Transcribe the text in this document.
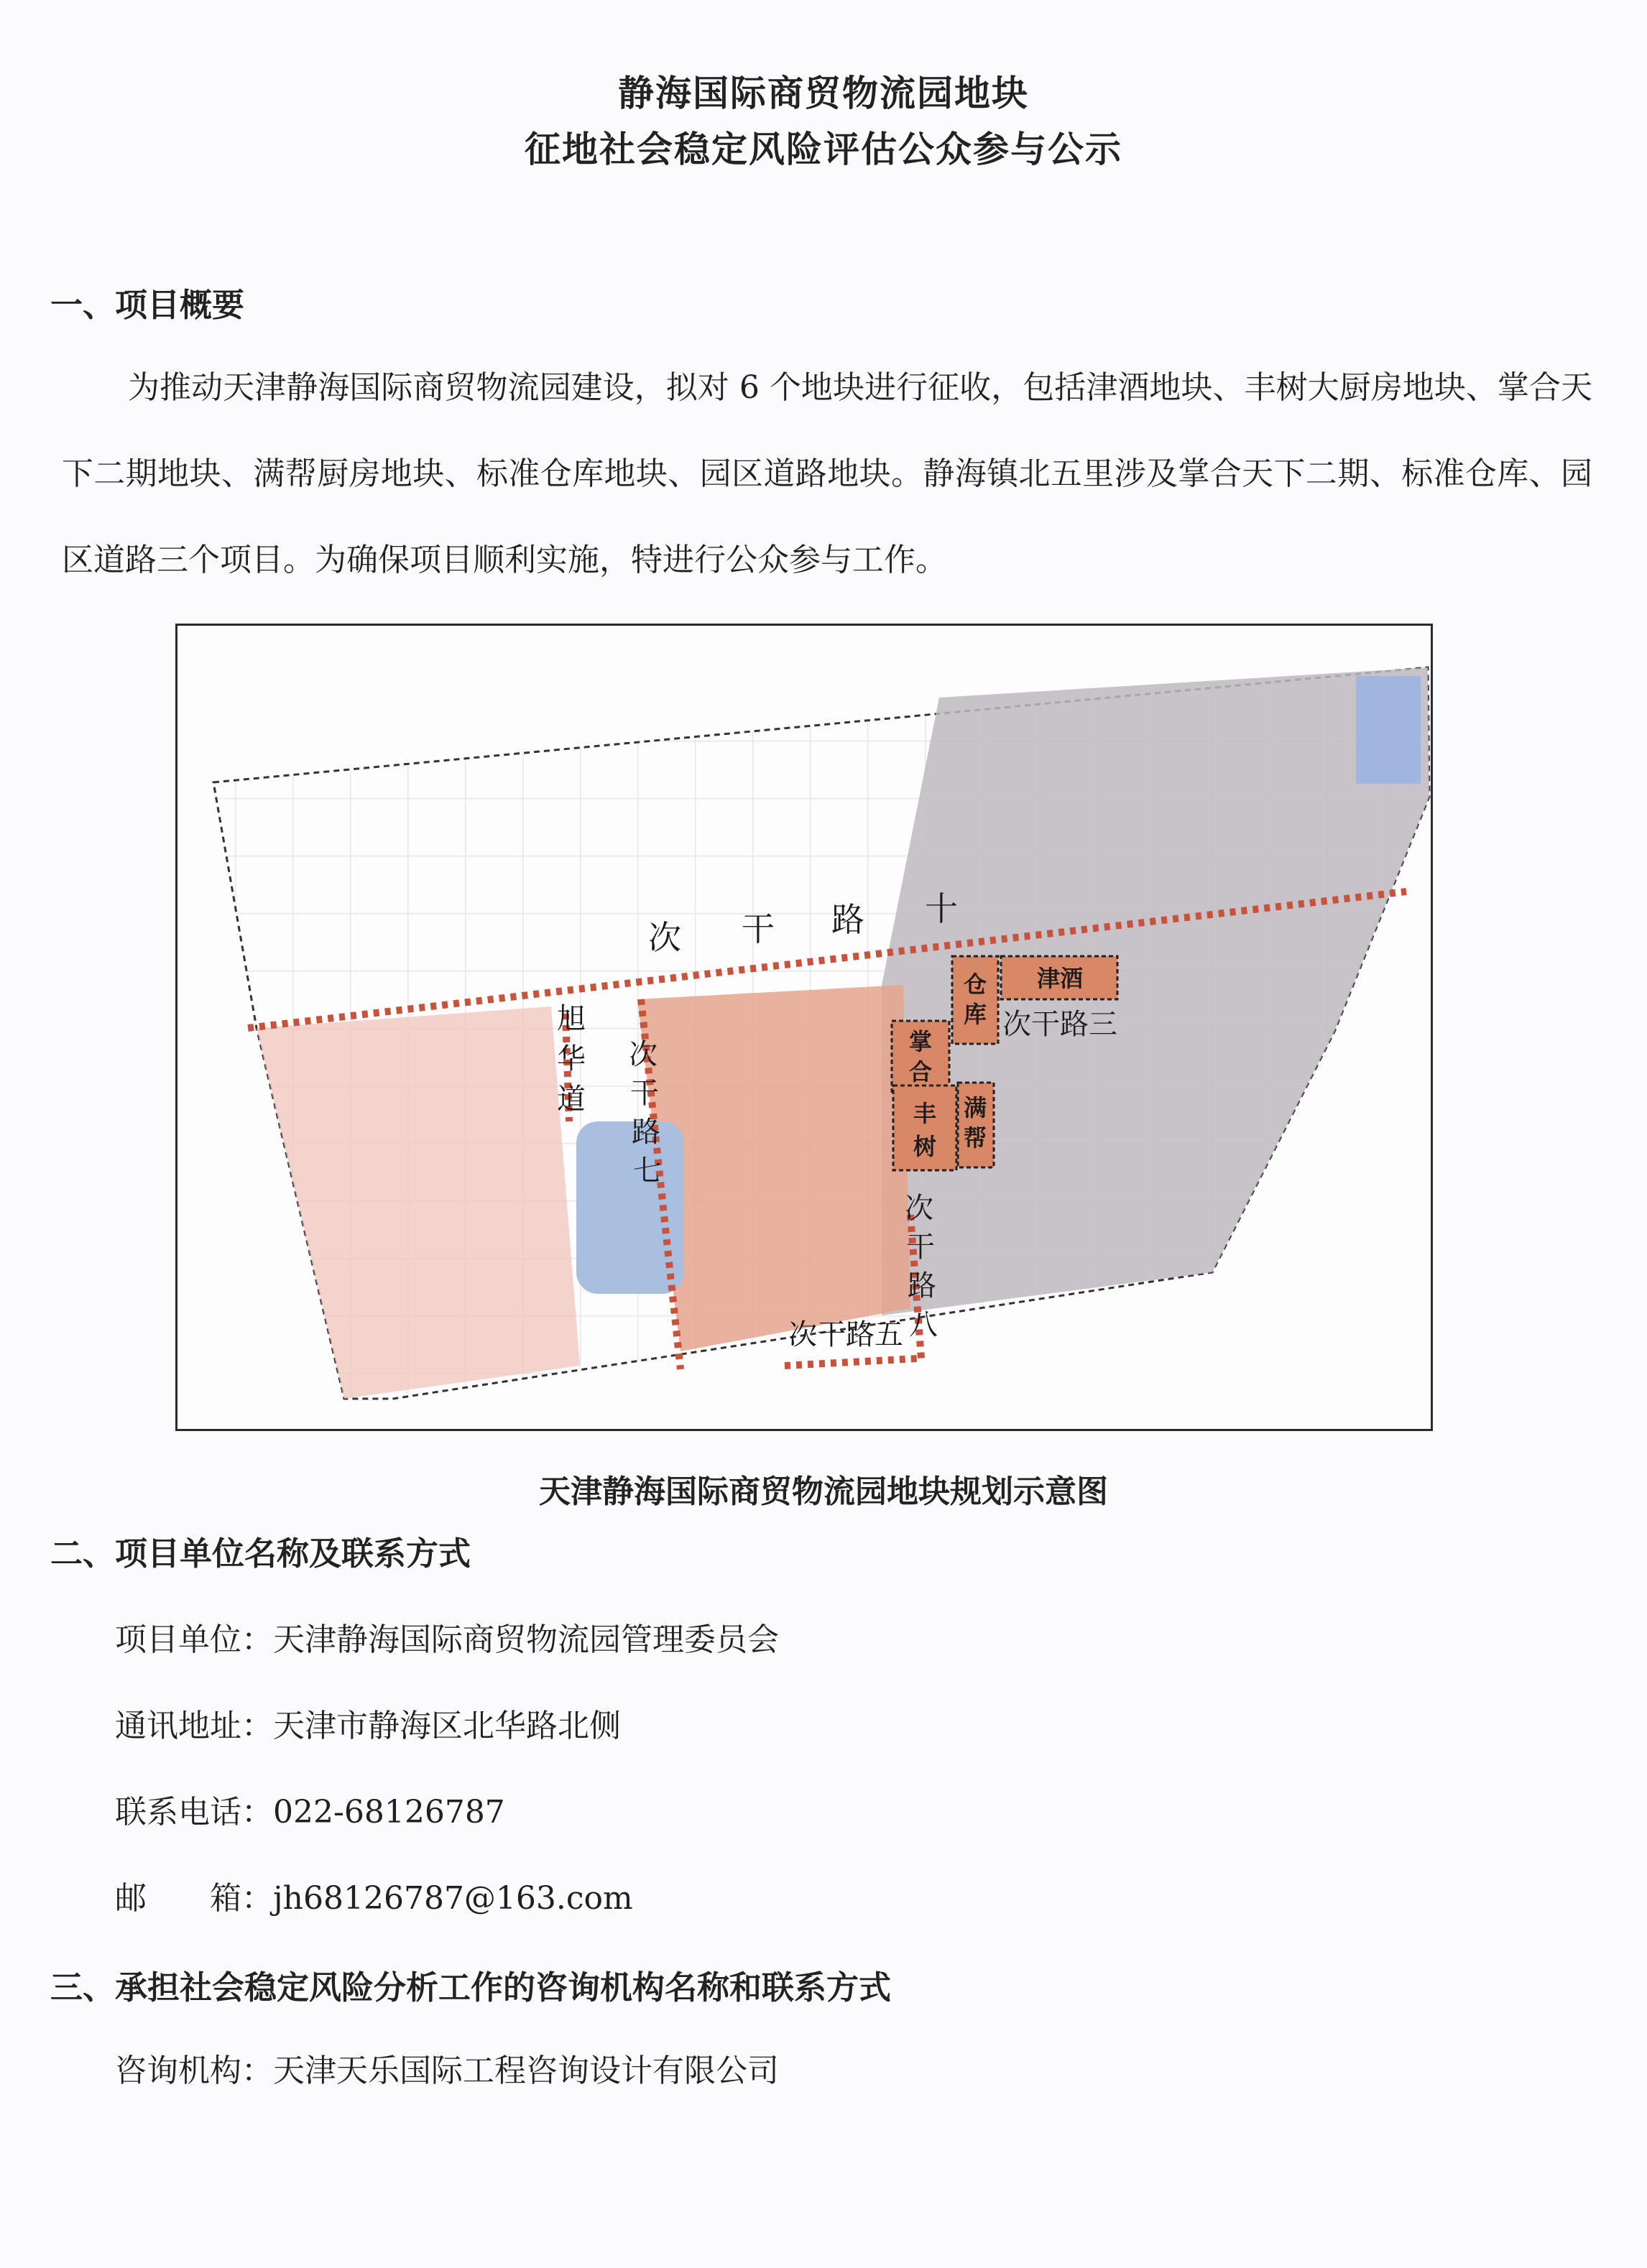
静海国际商贸物流园地块
征地社会稳定风险评估公众参与公示
一、项目概要
为推动天津静海国际商贸物流园建设，拟对 6 个地块进行征收，包括津酒地块、丰树大厨房地块、掌合天下二期地块、满帮厨房地块、标准仓库地块、园区道路地块。静海镇北五里涉及掌合天下二期、标准仓库、园区道路三个项目。为确保项目顺利实施，特进行公众参与工作。
次 干 路 十
旭
华
道
次
干
路
七
次
干
路
八
次干路三
次干路五
津酒
仓
库
掌
合
丰
树
满
帮
天津静海国际商贸物流园地块规划示意图
二、项目单位名称及联系方式
项目单位：天津静海国际商贸物流园管理委员会
通讯地址：天津市静海区北华路北侧
联系电话：022-68126787
邮　　箱：jh68126787@163.com
三、承担社会稳定风险分析工作的咨询机构名称和联系方式
咨询机构：天津天乐国际工程咨询设计有限公司
